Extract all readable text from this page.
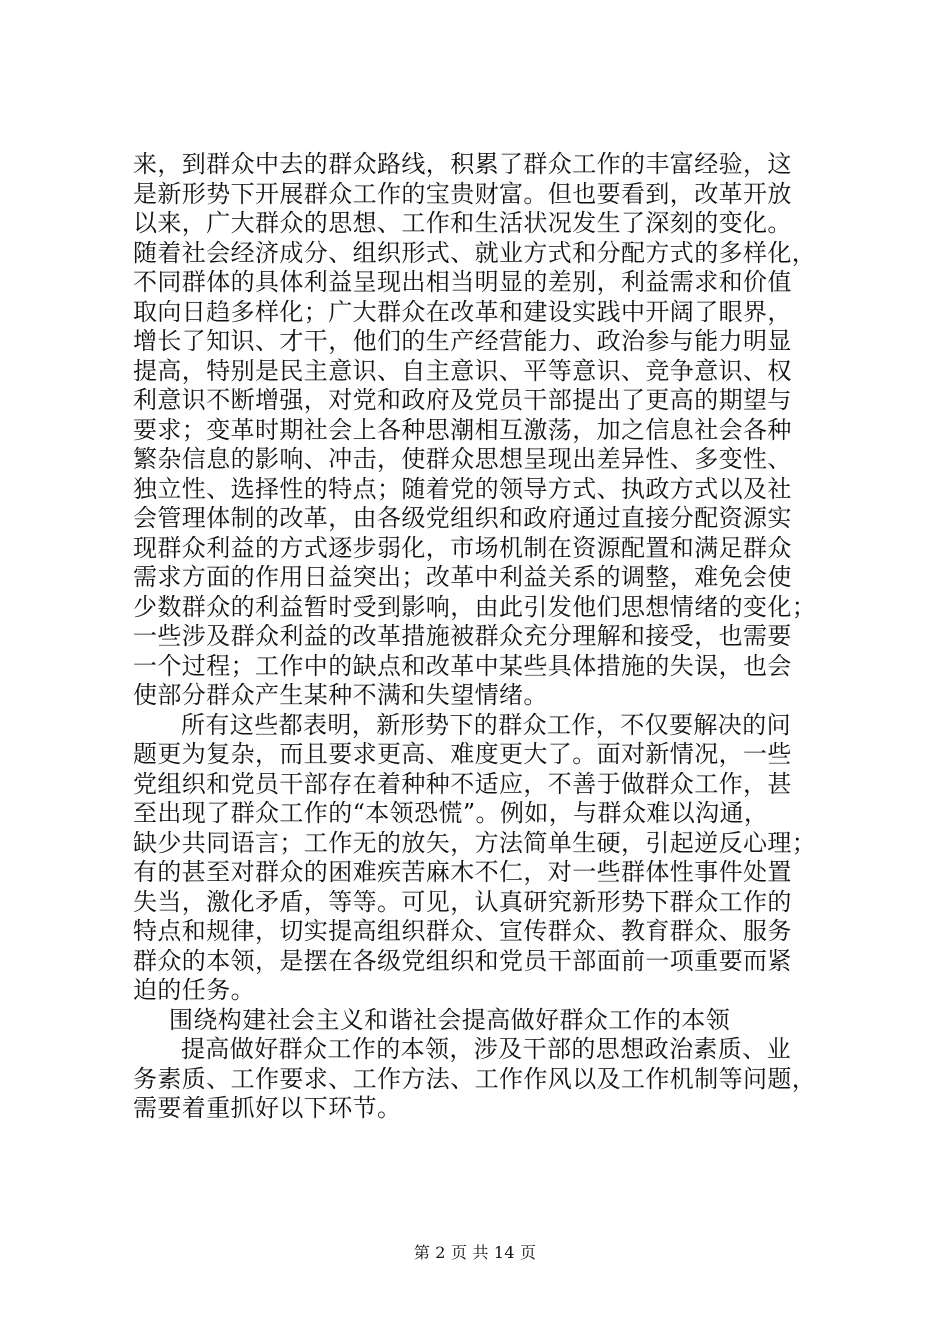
来，到群众中去的群众路线，积累了群众工作的丰富经验，这
是新形势下开展群众工作的宝贵财富。但也要看到，改革开放
以来，广大群众的思想、工作和生活状况发生了深刻的变化。
随着社会经济成分、组织形式、就业方式和分配方式的多样化，
不同群体的具体利益呈现出相当明显的差别，利益需求和价值
取向日趋多样化；广大群众在改革和建设实践中开阔了眼界，
增长了知识、才干，他们的生产经营能力、政治参与能力明显
提高，特别是民主意识、自主意识、平等意识、竞争意识、权
利意识不断增强，对党和政府及党员干部提出了更高的期望与
要求；变革时期社会上各种思潮相互激荡，加之信息社会各种
繁杂信息的影响、冲击，使群众思想呈现出差异性、多变性、
独立性、选择性的特点；随着党的领导方式、执政方式以及社
会管理体制的改革，由各级党组织和政府通过直接分配资源实
现群众利益的方式逐步弱化，市场机制在资源配置和满足群众
需求方面的作用日益突出；改革中利益关系的调整，难免会使
少数群众的利益暂时受到影响，由此引发他们思想情绪的变化；
一些涉及群众利益的改革措施被群众充分理解和接受，也需要
一个过程；工作中的缺点和改革中某些具体措施的失误，也会
使部分群众产生某种不满和失望情绪。
所有这些都表明，新形势下的群众工作，不仅要解决的问
题更为复杂，而且要求更高、难度更大了。面对新情况，一些
党组织和党员干部存在着种种不适应，不善于做群众工作，甚
至出现了群众工作的“本领恐慌”。例如，与群众难以沟通，
缺少共同语言；工作无的放矢，方法简单生硬，引起逆反心理；
有的甚至对群众的困难疾苦麻木不仁，对一些群体性事件处置
失当，激化矛盾，等等。可见，认真研究新形势下群众工作的
特点和规律，切实提高组织群众、宣传群众、教育群众、服务
群众的本领，是摆在各级党组织和党员干部面前一项重要而紧
迫的任务。
围绕构建社会主义和谐社会提高做好群众工作的本领
提高做好群众工作的本领，涉及干部的思想政治素质、业
务素质、工作要求、工作方法、工作作风以及工作机制等问题，
需要着重抓好以下环节。
第 2 页 共 14 页
